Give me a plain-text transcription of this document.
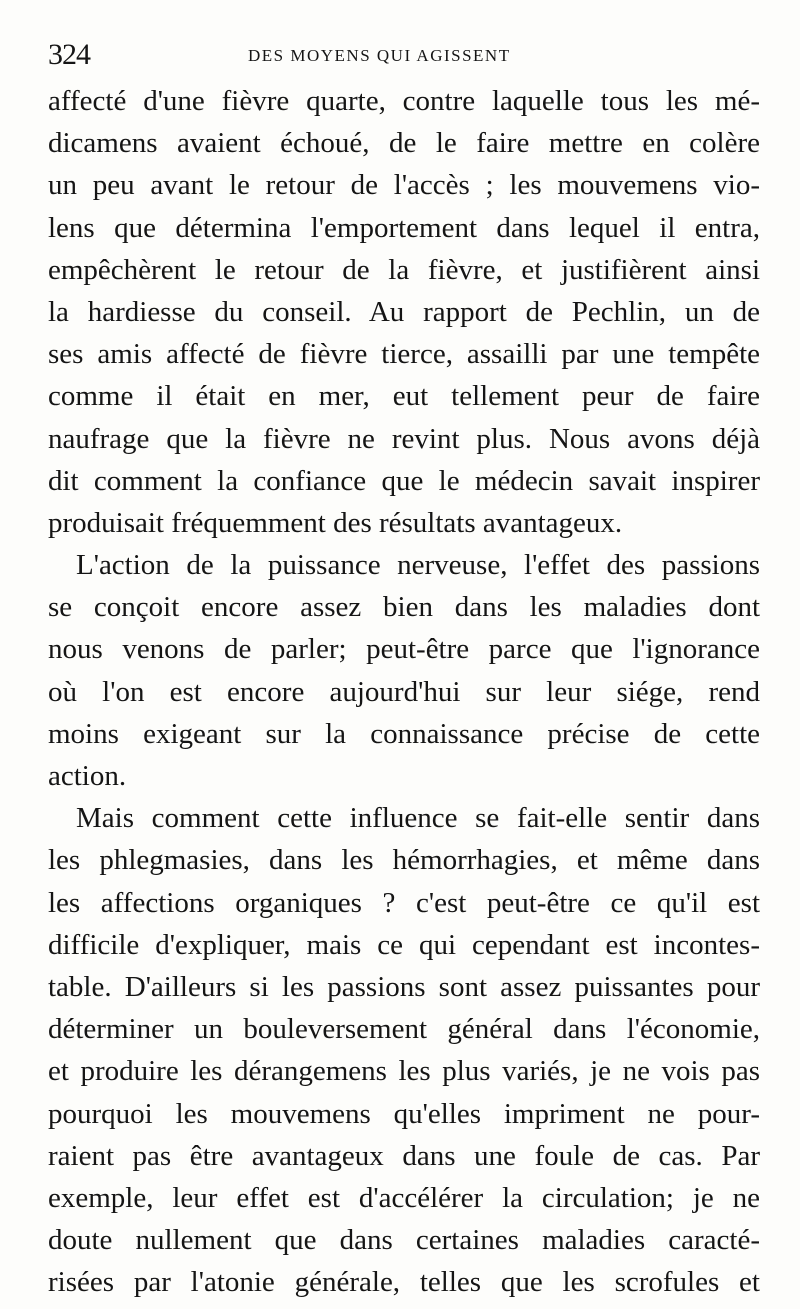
324	DES MOYENS QUI AGISSENT
affecté d'une fièvre quarte, contre laquelle tous les mé-
dicamens avaient échoué, de le faire mettre en colère
un peu avant le retour de l'accès ; les mouvemens vio-
lens que détermina l'emportement dans lequel il entra,
empêchèrent le retour de la fièvre, et justifièrent ainsi
la hardiesse du conseil. Au rapport de Pechlin, un de
ses amis affecté de fièvre tierce, assailli par une tempête
comme il était en mer, eut tellement peur de faire
naufrage que la fièvre ne revint plus. Nous avons déjà
dit comment la confiance que le médecin savait inspirer
produisait fréquemment des résultats avantageux.
L'action de la puissance nerveuse, l'effet des passions
se conçoit encore assez bien dans les maladies dont
nous venons de parler; peut-être parce que l'ignorance
où l'on est encore aujourd'hui sur leur siége, rend
moins exigeant sur la connaissance précise de cette
action.
Mais comment cette influence se fait-elle sentir dans
les phlegmasies, dans les hémorrhagies, et même dans
les affections organiques ? c'est peut-être ce qu'il est
difficile d'expliquer, mais ce qui cependant est incontes-
table. D'ailleurs si les passions sont assez puissantes pour
déterminer un bouleversement général dans l'économie,
et produire les dérangemens les plus variés, je ne vois pas
pourquoi les mouvemens qu'elles impriment ne pour-
raient pas être avantageux dans une foule de cas. Par
exemple, leur effet est d'accélérer la circulation; je ne
doute nullement que dans certaines maladies caracté-
risées par l'atonie générale, telles que les scrofules et
